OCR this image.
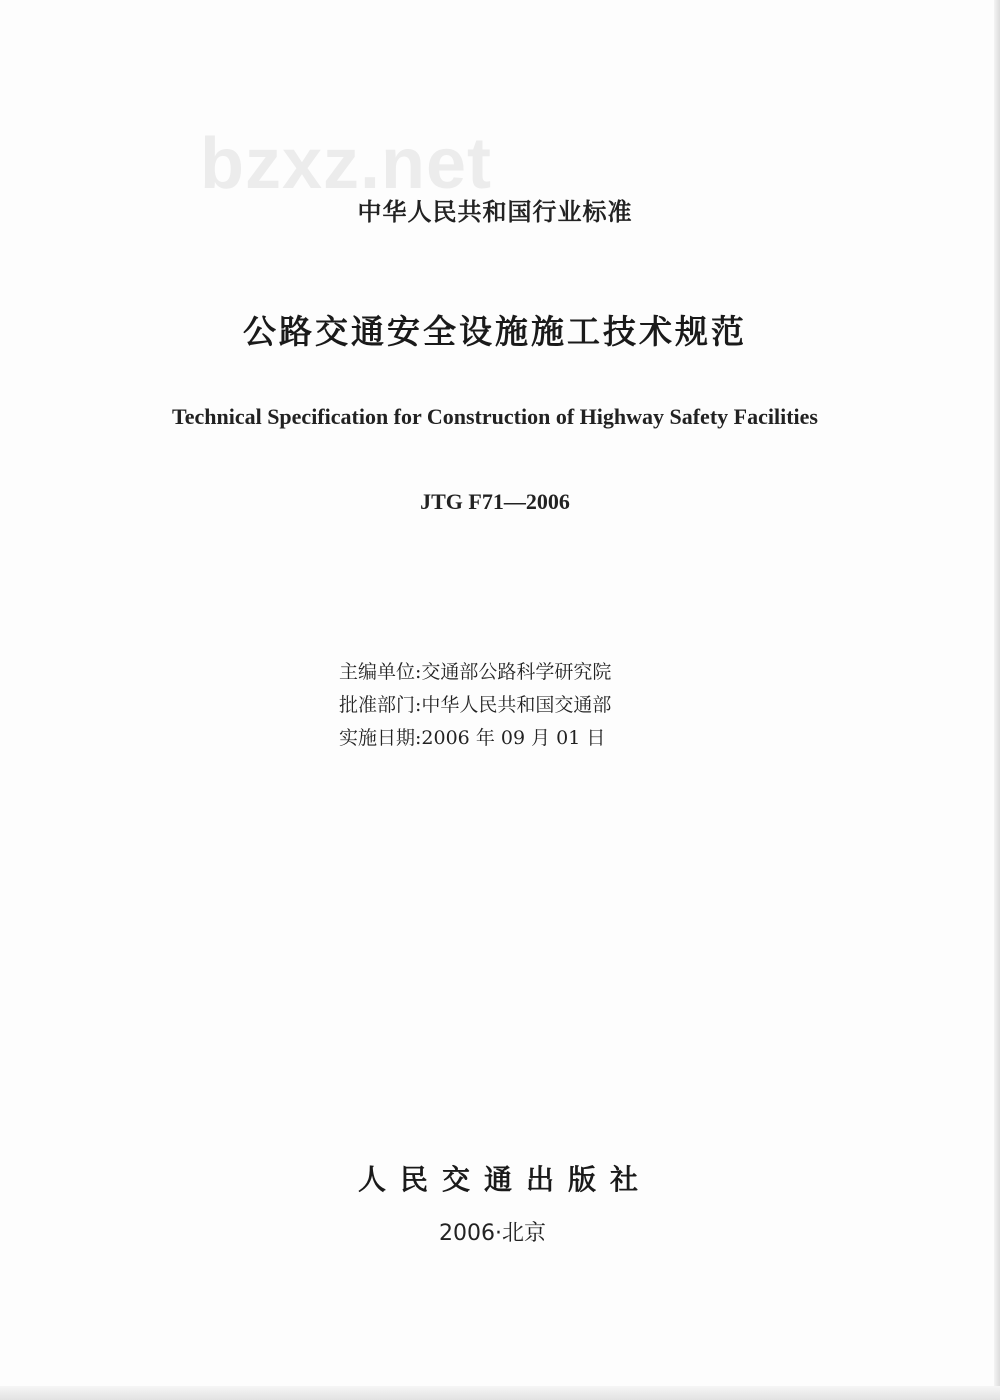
bzxz.net
中华人民共和国行业标准
公路交通安全设施施工技术规范
Technical Specification for Construction of Highway Safety Facilities
JTG F71—2006
主编单位:交通部公路科学研究院
批准部门:中华人民共和国交通部
实施日期:2006 年 09 月 01 日
人民交通出版社
2006·北京
